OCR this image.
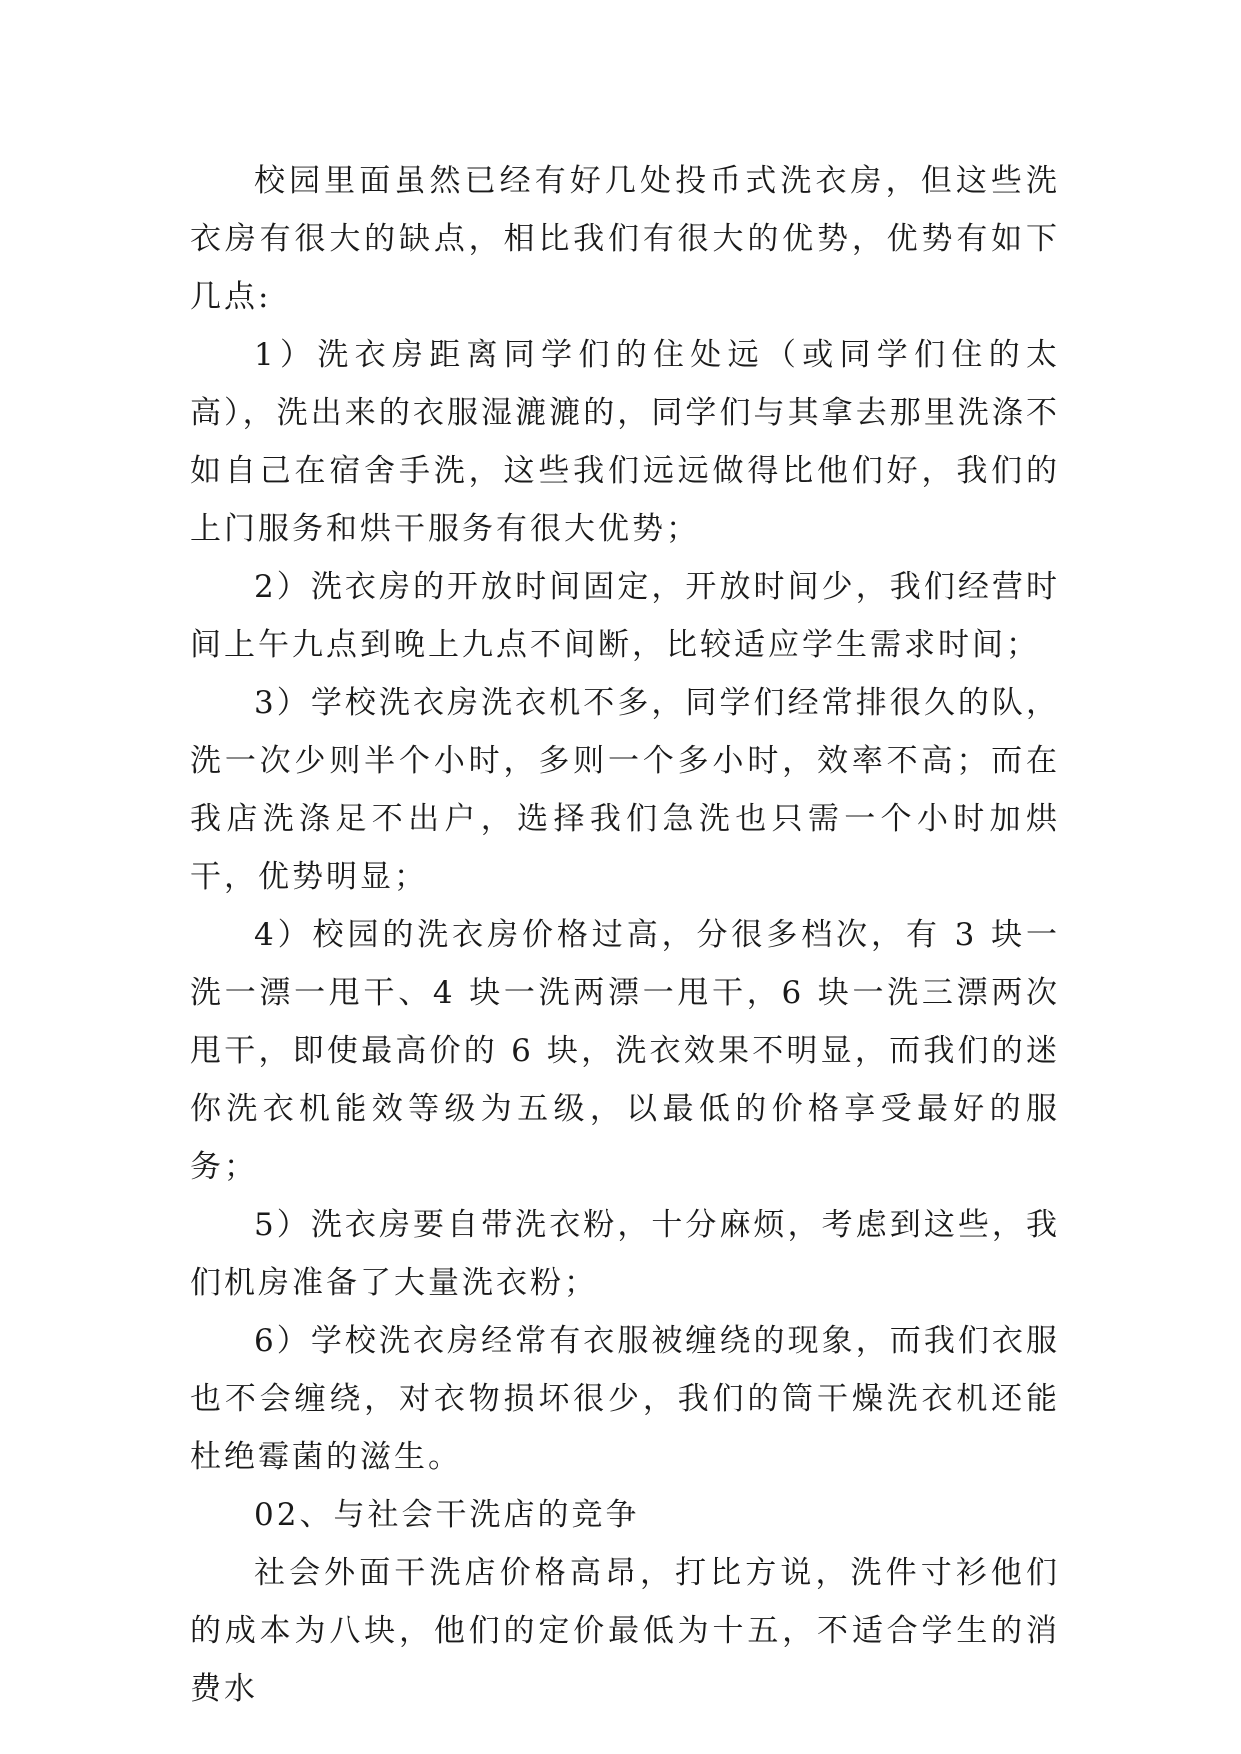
校园里面虽然已经有好几处投币式洗衣房，但这些洗衣房有很大的缺点，相比我们有很大的优势，优势有如下几点:

1）洗衣房距离同学们的住处远（或同学们住的太高），洗出来的衣服湿漉漉的，同学们与其拿去那里洗涤不如自己在宿舍手洗，这些我们远远做得比他们好，我们的上门服务和烘干服务有很大优势；

2）洗衣房的开放时间固定，开放时间少，我们经营时间上午九点到晚上九点不间断，比较适应学生需求时间；

3）学校洗衣房洗衣机不多，同学们经常排很久的队，洗一次少则半个小时，多则一个多小时，效率不高；而在我店洗涤足不出户，选择我们急洗也只需一个小时加烘干，优势明显；

4）校园的洗衣房价格过高，分很多档次，有 3 块一洗一漂一甩干、4 块一洗两漂一甩干，6 块一洗三漂两次甩干，即使最高价的 6 块，洗衣效果不明显，而我们的迷你洗衣机能效等级为五级，以最低的价格享受最好的服务；

5）洗衣房要自带洗衣粉，十分麻烦，考虑到这些，我们机房准备了大量洗衣粉；

6）学校洗衣房经常有衣服被缠绕的现象，而我们衣服也不会缠绕，对衣物损坏很少，我们的筒干燥洗衣机还能杜绝霉菌的滋生。

02、与社会干洗店的竞争

社会外面干洗店价格高昂，打比方说，洗件寸衫他们的成本为八块，他们的定价最低为十五，不适合学生的消费水
